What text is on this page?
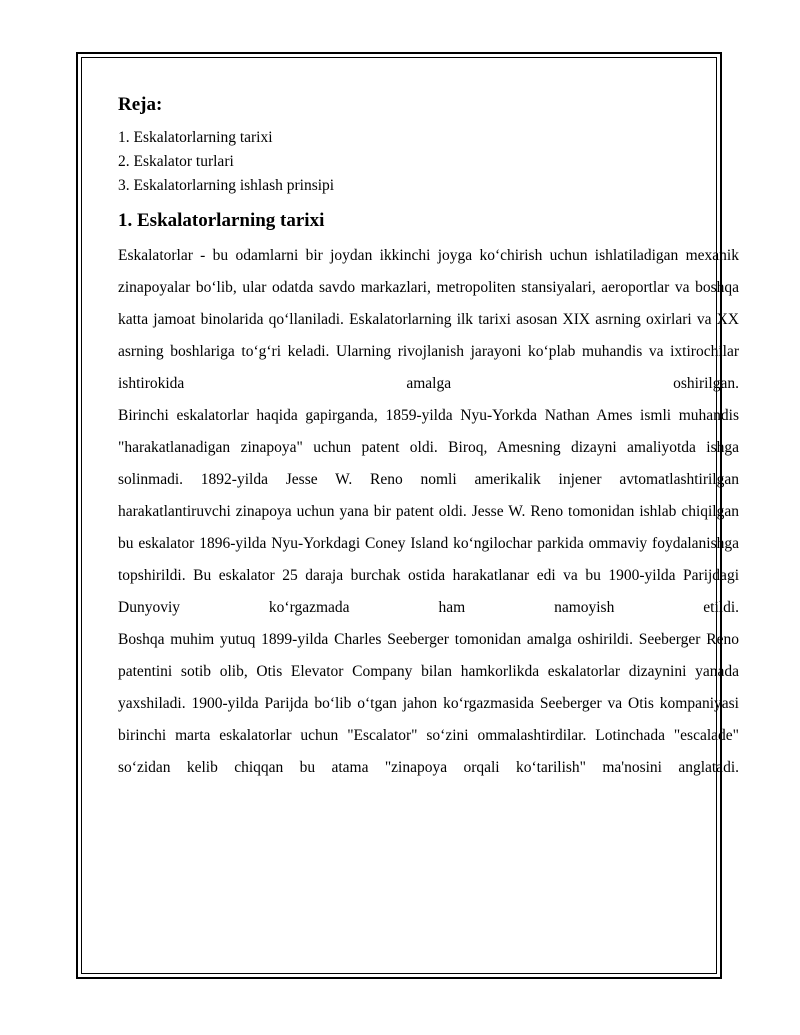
Reja:
1. Eskalatorlarning tarixi
2. Eskalator turlari
3. Eskalatorlarning ishlash prinsipi
1. Eskalatorlarning tarixi

Eskalatorlar - bu odamlarni bir joydan ikkinchi joyga ko‘chirish uchun ishlatiladigan mexanik zinapoyalar bo‘lib, ular odatda savdo markazlari, metropoliten stansiyalari, aeroportlar va boshqa katta jamoat binolarida qo‘llaniladi. Eskalatorlarning ilk tarixi asosan XIX asrning oxirlari va XX asrning boshlariga to‘g‘ri keladi. Ularning rivojlanish jarayoni ko‘plab muhandis va ixtirochilar ishtirokida amalga oshirilgan.

Birinchi eskalatorlar haqida gapirganda, 1859-yilda Nyu-Yorkda Nathan Ames ismli muhandis "harakatlanadigan zinapoya" uchun patent oldi. Biroq, Amesning dizayni amaliyotda ishga solinmadi. 1892-yilda Jesse W. Reno nomli amerikalik injener avtomatlashtirilgan harakatlantiruvchi zinapoya uchun yana bir patent oldi. Jesse W. Reno tomonidan ishlab chiqilgan bu eskalator 1896-yilda Nyu-Yorkdagi Coney Island ko‘ngilochar parkida ommaviy foydalanishga topshirildi. Bu eskalator 25 daraja burchak ostida harakatlanar edi va bu 1900-yilda Parijdagi Dunyoviy ko‘rgazmada ham namoyish etildi.

Boshqa muhim yutuq 1899-yilda Charles Seeberger tomonidan amalga oshirildi. Seeberger Reno patentini sotib olib, Otis Elevator Company bilan hamkorlikda eskalatorlar dizaynini yanada yaxshiladi. 1900-yilda Parijda bo‘lib o‘tgan jahon ko‘rgazmasida Seeberger va Otis kompaniyasi birinchi marta eskalatorlar uchun "Escalator" so‘zini ommalashtirdilar. Lotinchada "escalade" so‘zidan kelib chiqqan bu atama "zinapoya orqali ko‘tarilish" ma'nosini anglatadi.
